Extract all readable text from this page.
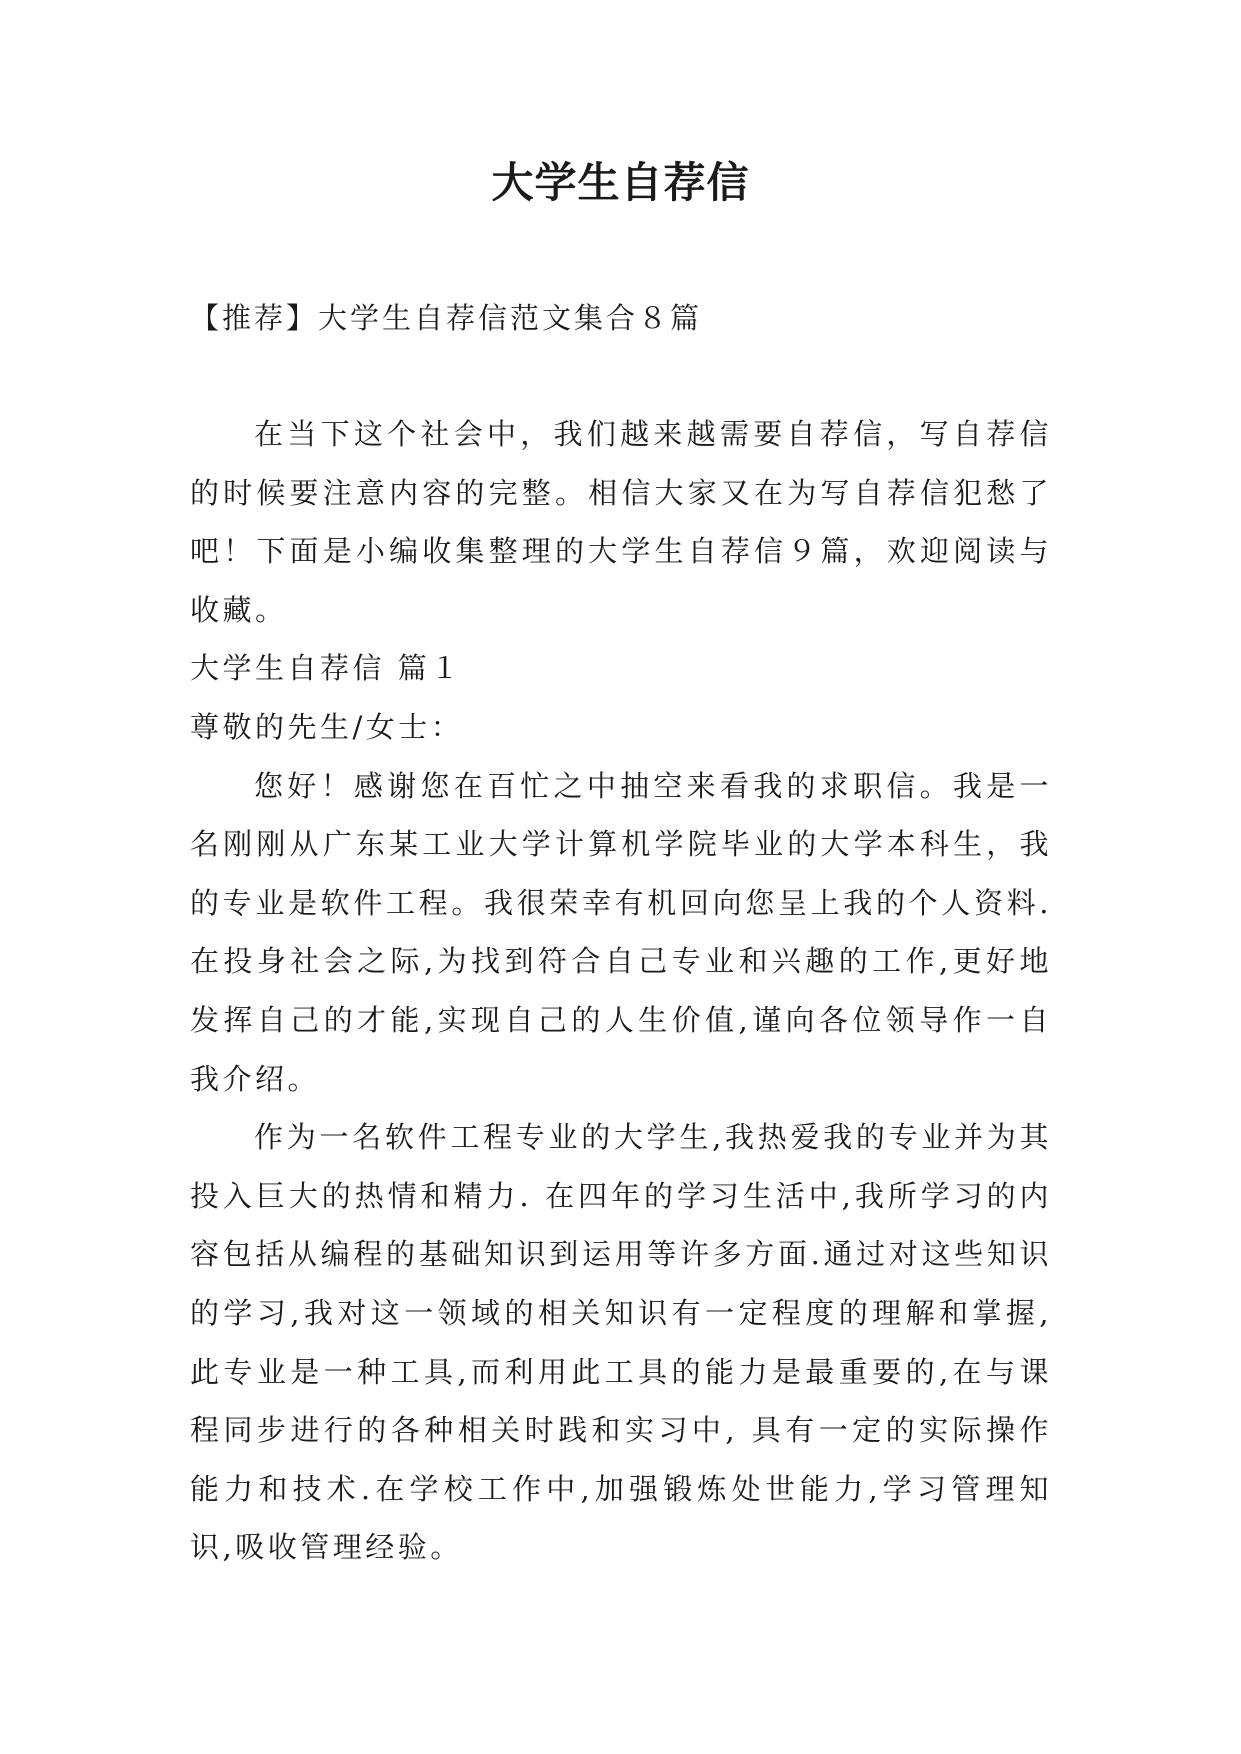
大学生自荐信
【推荐】大学生自荐信范文集合８篇

在当下这个社会中，我们越来越需要自荐信，写自荐信的时候要注意内容的完整。相信大家又在为写自荐信犯愁了吧！下面是小编收集整理的大学生自荐信９篇，欢迎阅读与收藏。

大学生自荐信 篇１

尊敬的先生/女士：

您好！感谢您在百忙之中抽空来看我的求职信。我是一名刚刚从广东某工业大学计算机学院毕业的大学本科生，我的专业是软件工程。我很荣幸有机回向您呈上我的个人资料.在投身社会之际,为找到符合自己专业和兴趣的工作,更好地发挥自己的才能,实现自己的人生价值,谨向各位领导作一自我介绍。

作为一名软件工程专业的大学生,我热爱我的专业并为其投入巨大的热情和精力. 在四年的学习生活中,我所学习的内容包括从编程的基础知识到运用等许多方面.通过对这些知识的学习,我对这一领域的相关知识有一定程度的理解和掌握,此专业是一种工具,而利用此工具的能力是最重要的,在与课程同步进行的各种相关时践和实习中, 具有一定的实际操作能力和技术.在学校工作中,加强锻炼处世能力,学习管理知识,吸收管理经验。
